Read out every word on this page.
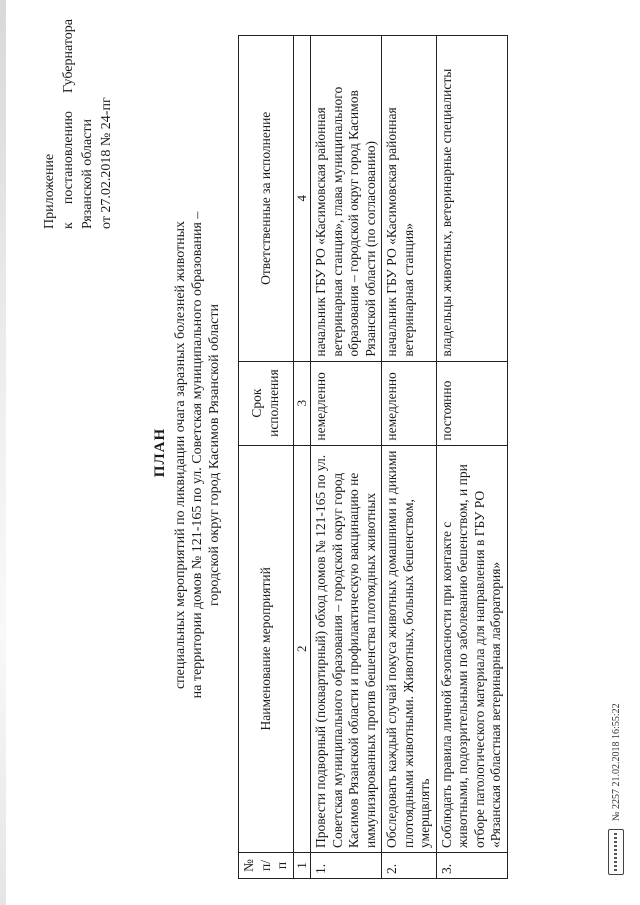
Приложение к
постановлению
Губернатора
Рязанской области от 27.02.2018 № 24-пг
ПЛАН специальных мероприятий по ликвидации очага заразных болезней животных на территории домов № 121-165 по ул. Советская муниципального образования – городской округ город Касимов Рязанской области
№ п/п	Наименование мероприятий	Срок исполнения	Ответственные за исполнение
1	2	3	4
1.	Провести подворный (поквартирный) обход домов № 121-165 по ул. Советская муниципального образования – городской округ город Касимов Рязанской области и профилактическую вакцинацию не иммунизированных против бешенства плотоядных животных	немедленно	начальник ГБУ РО «Касимовская районная ветеринарная станция», глава муниципального образования – городской округ город Касимов Рязанской области (по согласованию)
2.	Обследовать каждый случай покуса животных домашними и дикими плотоядными животными. Животных, больных бешенством, умерщвлять	немедленно	начальник ГБУ РО «Касимовская районная ветеринарная станция»
3.	Соблюдать правила личной безопасности при контакте с животными, подозрительными по заболеванию бешенством, и при отборе патологического материала для направления в ГБУ РО «Рязанская областная ветеринарная лаборатория»	постоянно	владельцы животных, ветеринарные специалисты
№ 2257 21.02.2018 16:55:22
